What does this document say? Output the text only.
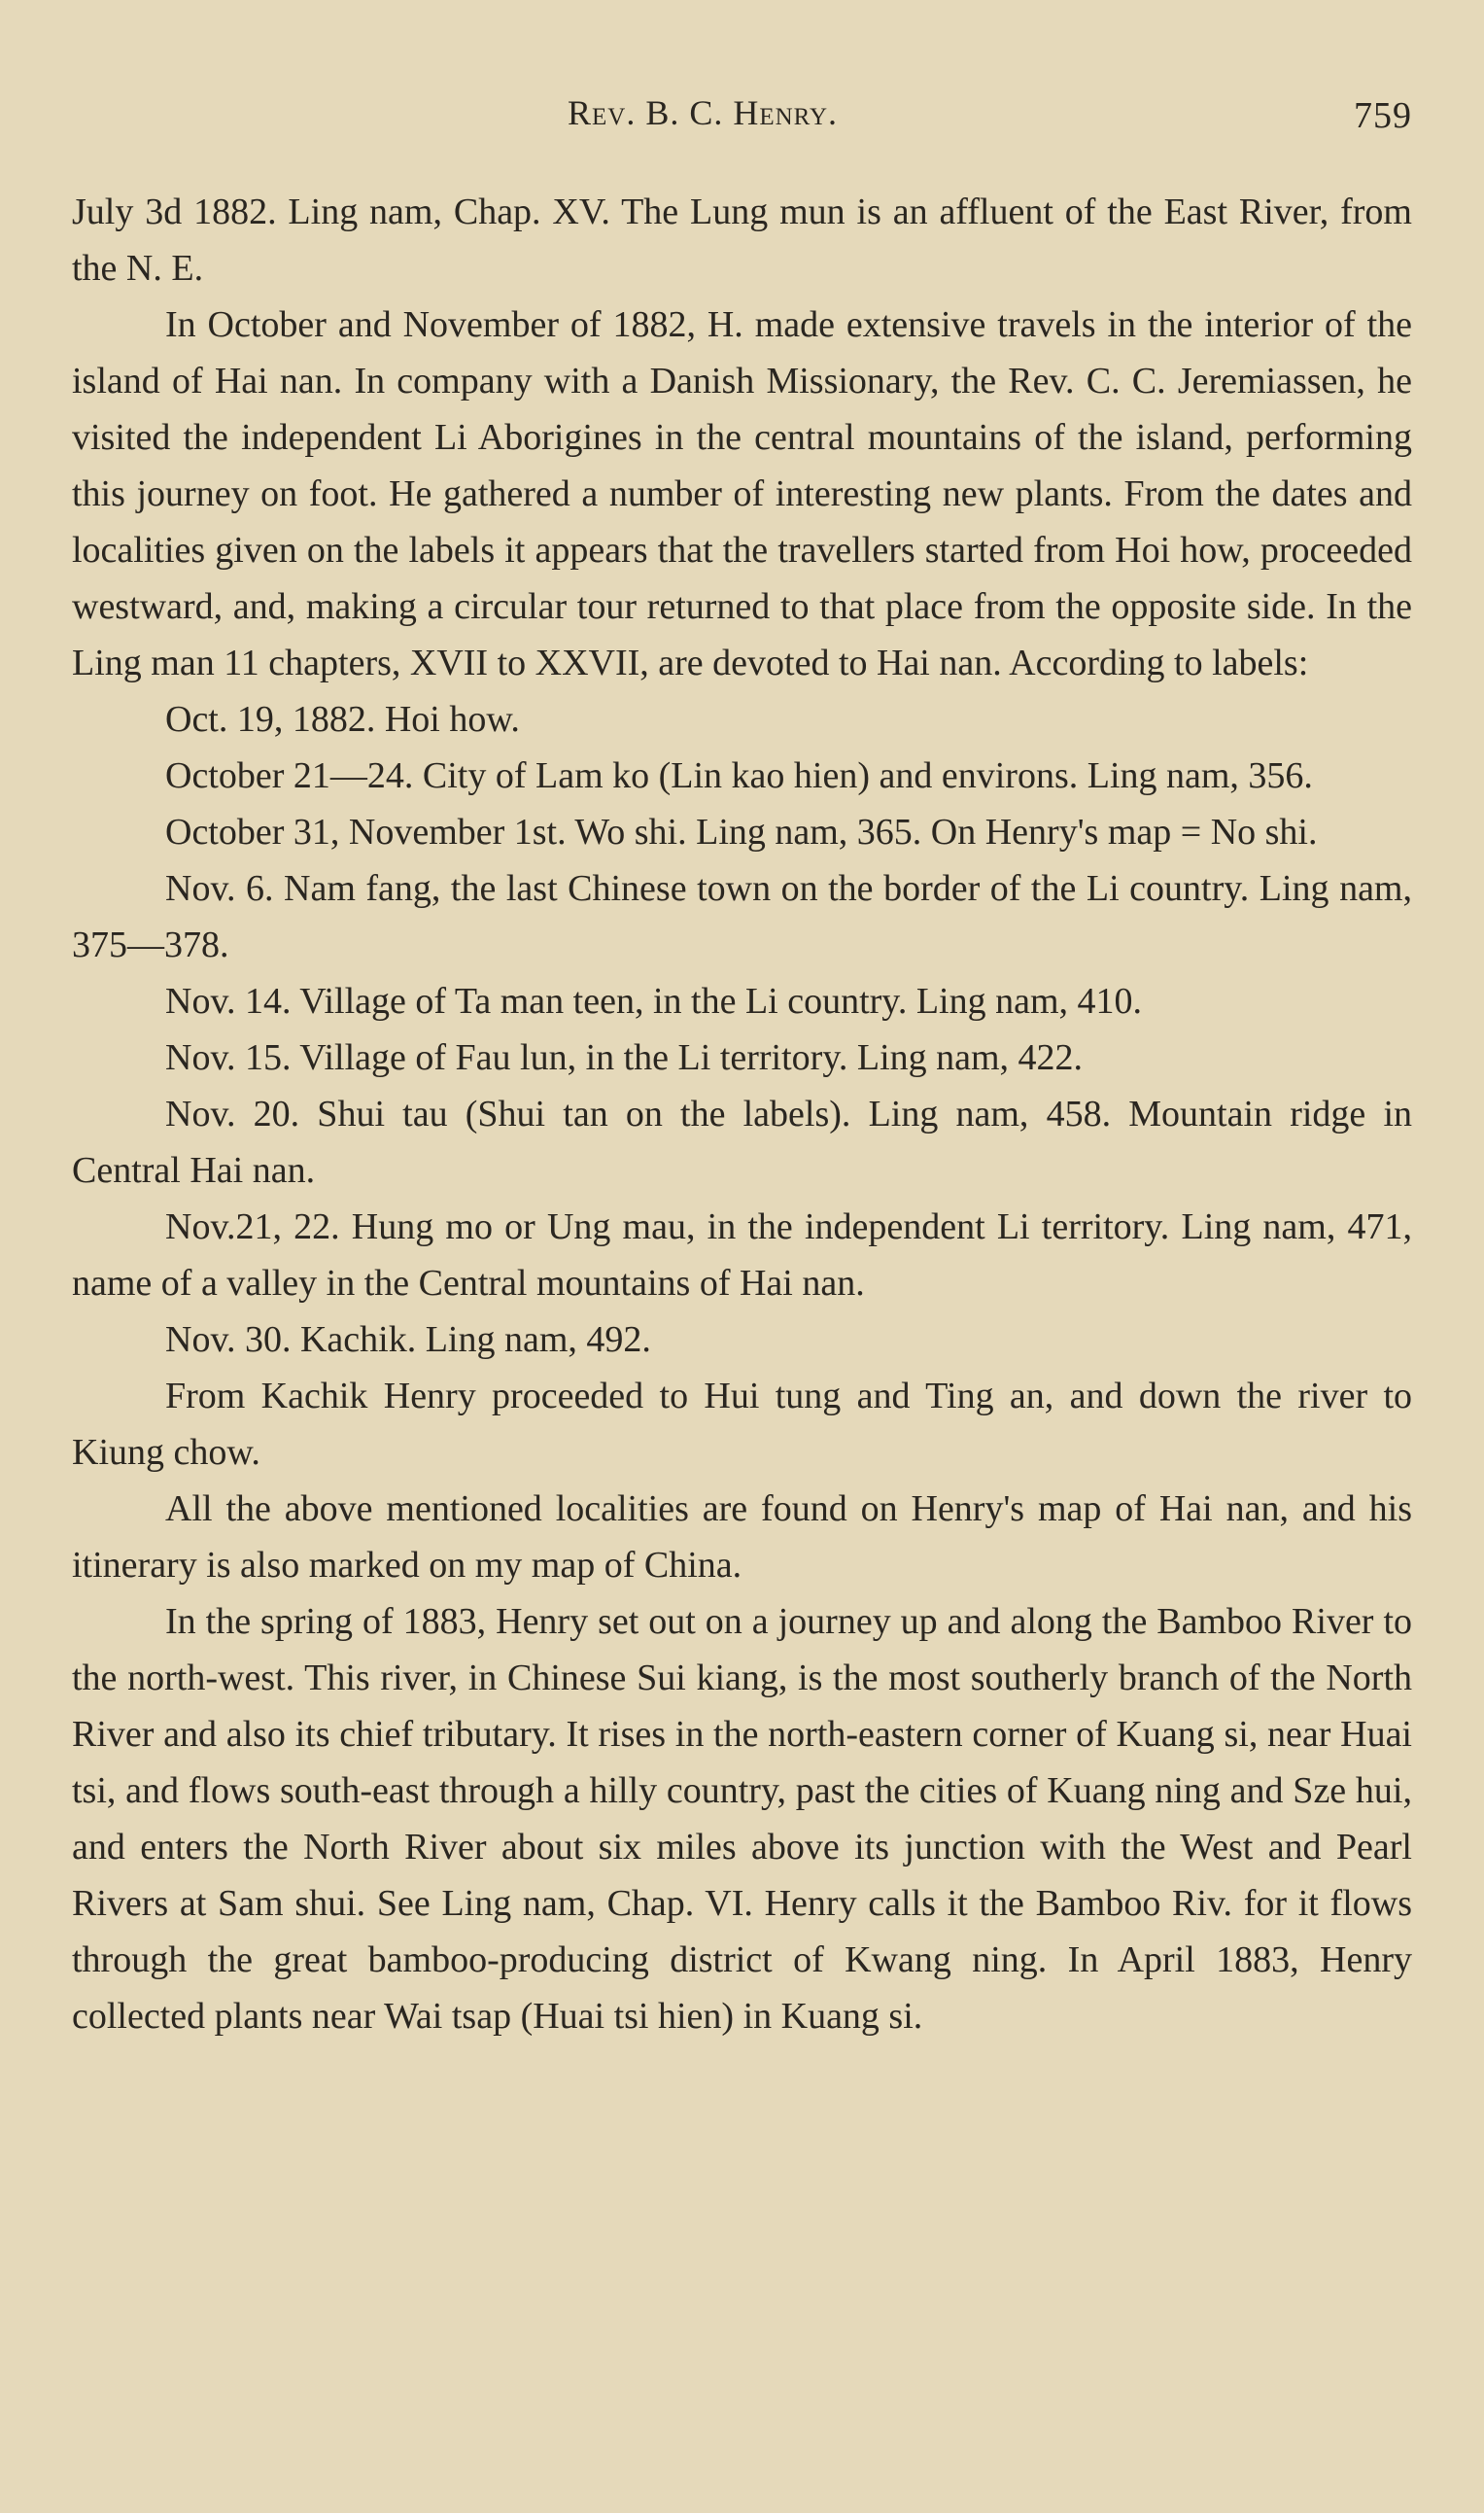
Rev. B. C. Henry.	759

July 3d 1882. Ling nam, Chap. XV. The Lung mun is an affluent of the East River, from the N. E.

In October and November of 1882, H. made extensive travels in the interior of the island of Hai nan. In company with a Danish Missionary, the Rev. C. C. Jeremiassen, he visited the independent Li Aborigines in the central mountains of the island, performing this journey on foot. He gathered a number of interesting new plants. From the dates and localities given on the labels it appears that the travellers started from Hoi how, proceeded westward, and, making a circular tour returned to that place from the opposite side. In the Ling man 11 chapters, XVII to XXVII, are devoted to Hai nan. According to labels:

Oct. 19, 1882. Hoi how.

October 21—24. City of Lam ko (Lin kao hien) and environs. Ling nam, 356.

October 31, November 1st. Wo shi. Ling nam, 365. On Henry's map = No shi.

Nov. 6. Nam fang, the last Chinese town on the border of the Li country. Ling nam, 375—378.

Nov. 14. Village of Ta man teen, in the Li country. Ling nam, 410.

Nov. 15. Village of Fau lun, in the Li territory. Ling nam, 422.

Nov. 20. Shui tau (Shui tan on the labels). Ling nam, 458. Mountain ridge in Central Hai nan.

Nov.21, 22. Hung mo or Ung mau, in the independent Li territory. Ling nam, 471, name of a valley in the Central mountains of Hai nan.

Nov. 30. Kachik. Ling nam, 492.

From Kachik Henry proceeded to Hui tung and Ting an, and down the river to Kiung chow.

All the above mentioned localities are found on Henry's map of Hai nan, and his itinerary is also marked on my map of China.

In the spring of 1883, Henry set out on a journey up and along the Bamboo River to the north-west. This river, in Chinese Sui kiang, is the most southerly branch of the North River and also its chief tributary. It rises in the north-eastern corner of Kuang si, near Huai tsi, and flows south-east through a hilly country, past the cities of Kuang ning and Sze hui, and enters the North River about six miles above its junction with the West and Pearl Rivers at Sam shui. See Ling nam, Chap. VI. Henry calls it the Bamboo Riv. for it flows through the great bamboo-producing district of Kwang ning. In April 1883, Henry collected plants near Wai tsap (Huai tsi hien) in Kuang si.
